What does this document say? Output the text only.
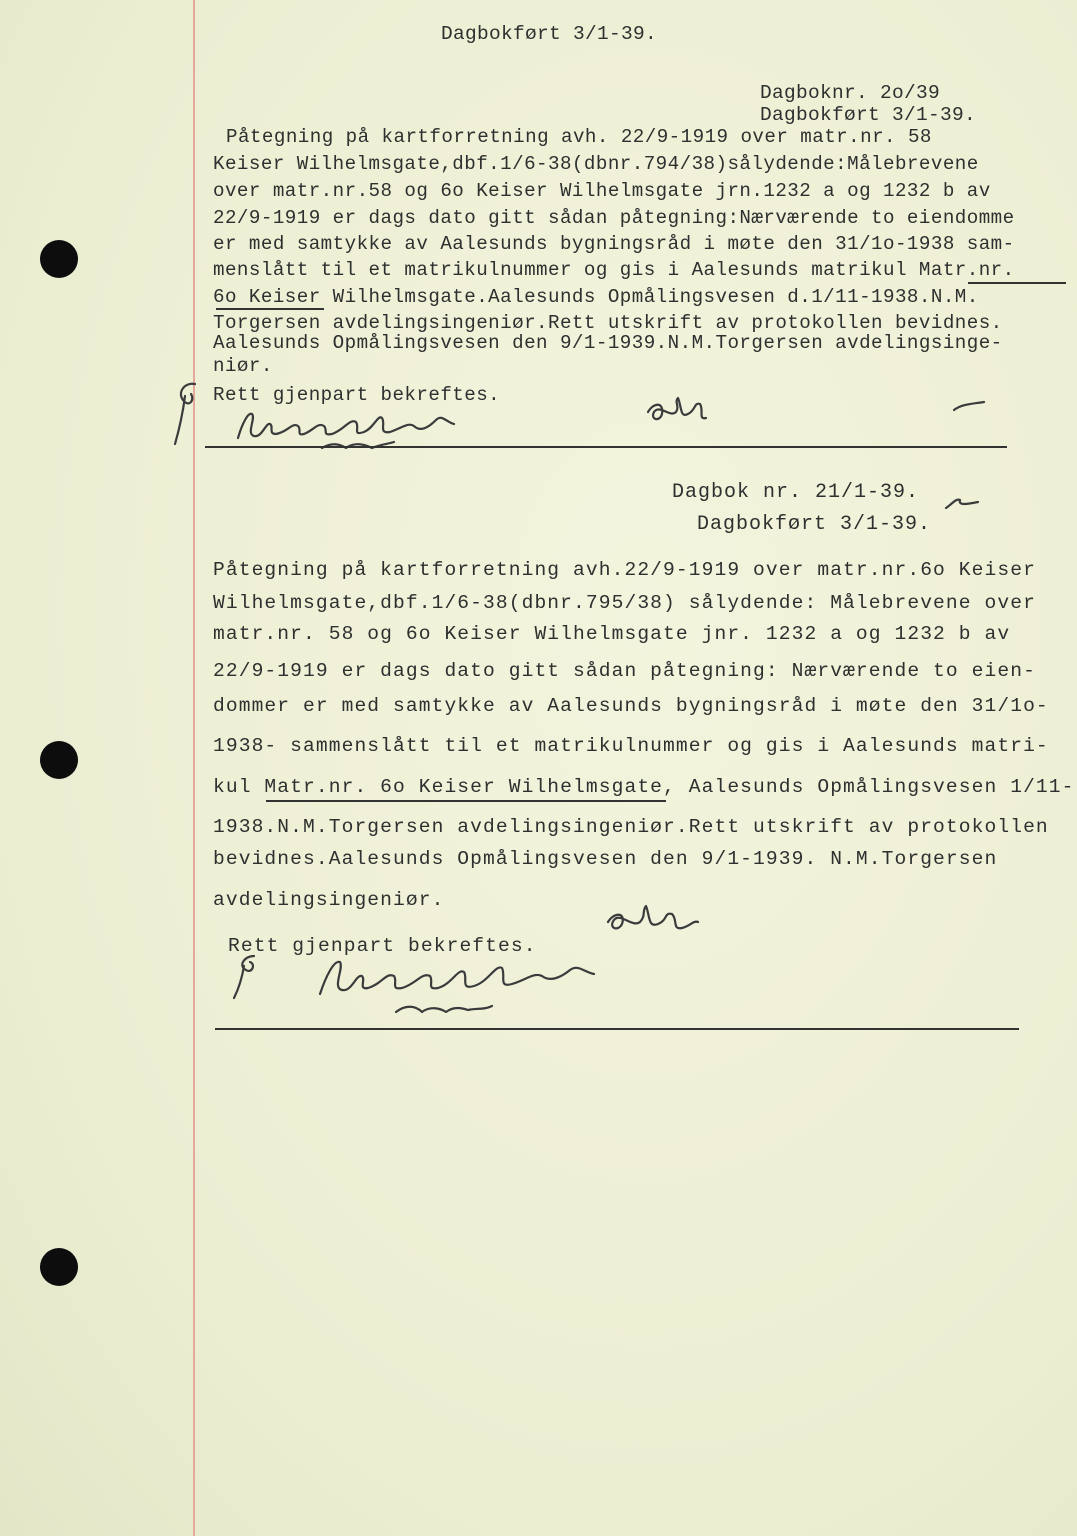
Dagbokført 3/1-39.
Dagboknr. 2o/39
Dagbokført 3/1-39.
Påtegning på kartforretning avh. 22/9-1919 over matr.nr. 58
Keiser Wilhelmsgate,dbf.1/6-38(dbnr.794/38)sålydende:Målebrevene
over matr.nr.58 og 6o Keiser Wilhelmsgate jrn.1232 a og 1232 b av
22/9-1919 er dags dato gitt sådan påtegning:Nærværende to eiendomme
er med samtykke av Aalesunds bygningsråd i møte den 31/1o-1938 sam-
menslått til et matrikulnummer og gis i Aalesunds matrikul Matr.nr.
6o Keiser Wilhelmsgate.Aalesunds Opmålingsvesen d.1/11-1938.N.M.
Torgersen avdelingsingeniør.Rett utskrift av protokollen bevidnes.
Aalesunds Opmålingsvesen den 9/1-1939.N.M.Torgersen avdelingsinge-
niør.
Rett gjenpart bekreftes.
Dagbok nr. 21/1-39.
Dagbokført 3/1-39.
Påtegning på kartforretning avh.22/9-1919 over matr.nr.6o Keiser
Wilhelmsgate,dbf.1/6-38(dbnr.795/38) sålydende: Målebrevene over
matr.nr. 58 og 6o Keiser Wilhelmsgate jnr. 1232 a og 1232 b av
22/9-1919 er dags dato gitt sådan påtegning: Nærværende to eien-
dommer er med samtykke av Aalesunds bygningsråd i møte den 31/1o-
1938- sammenslått til et matrikulnummer og gis i Aalesunds matri-
kul Matr.nr. 6o Keiser Wilhelmsgate, Aalesunds Opmålingsvesen 1/11-
1938.N.M.Torgersen avdelingsingeniør.Rett utskrift av protokollen
bevidnes.Aalesunds Opmålingsvesen den 9/1-1939. N.M.Torgersen
avdelingsingeniør.
Rett gjenpart bekreftes.
